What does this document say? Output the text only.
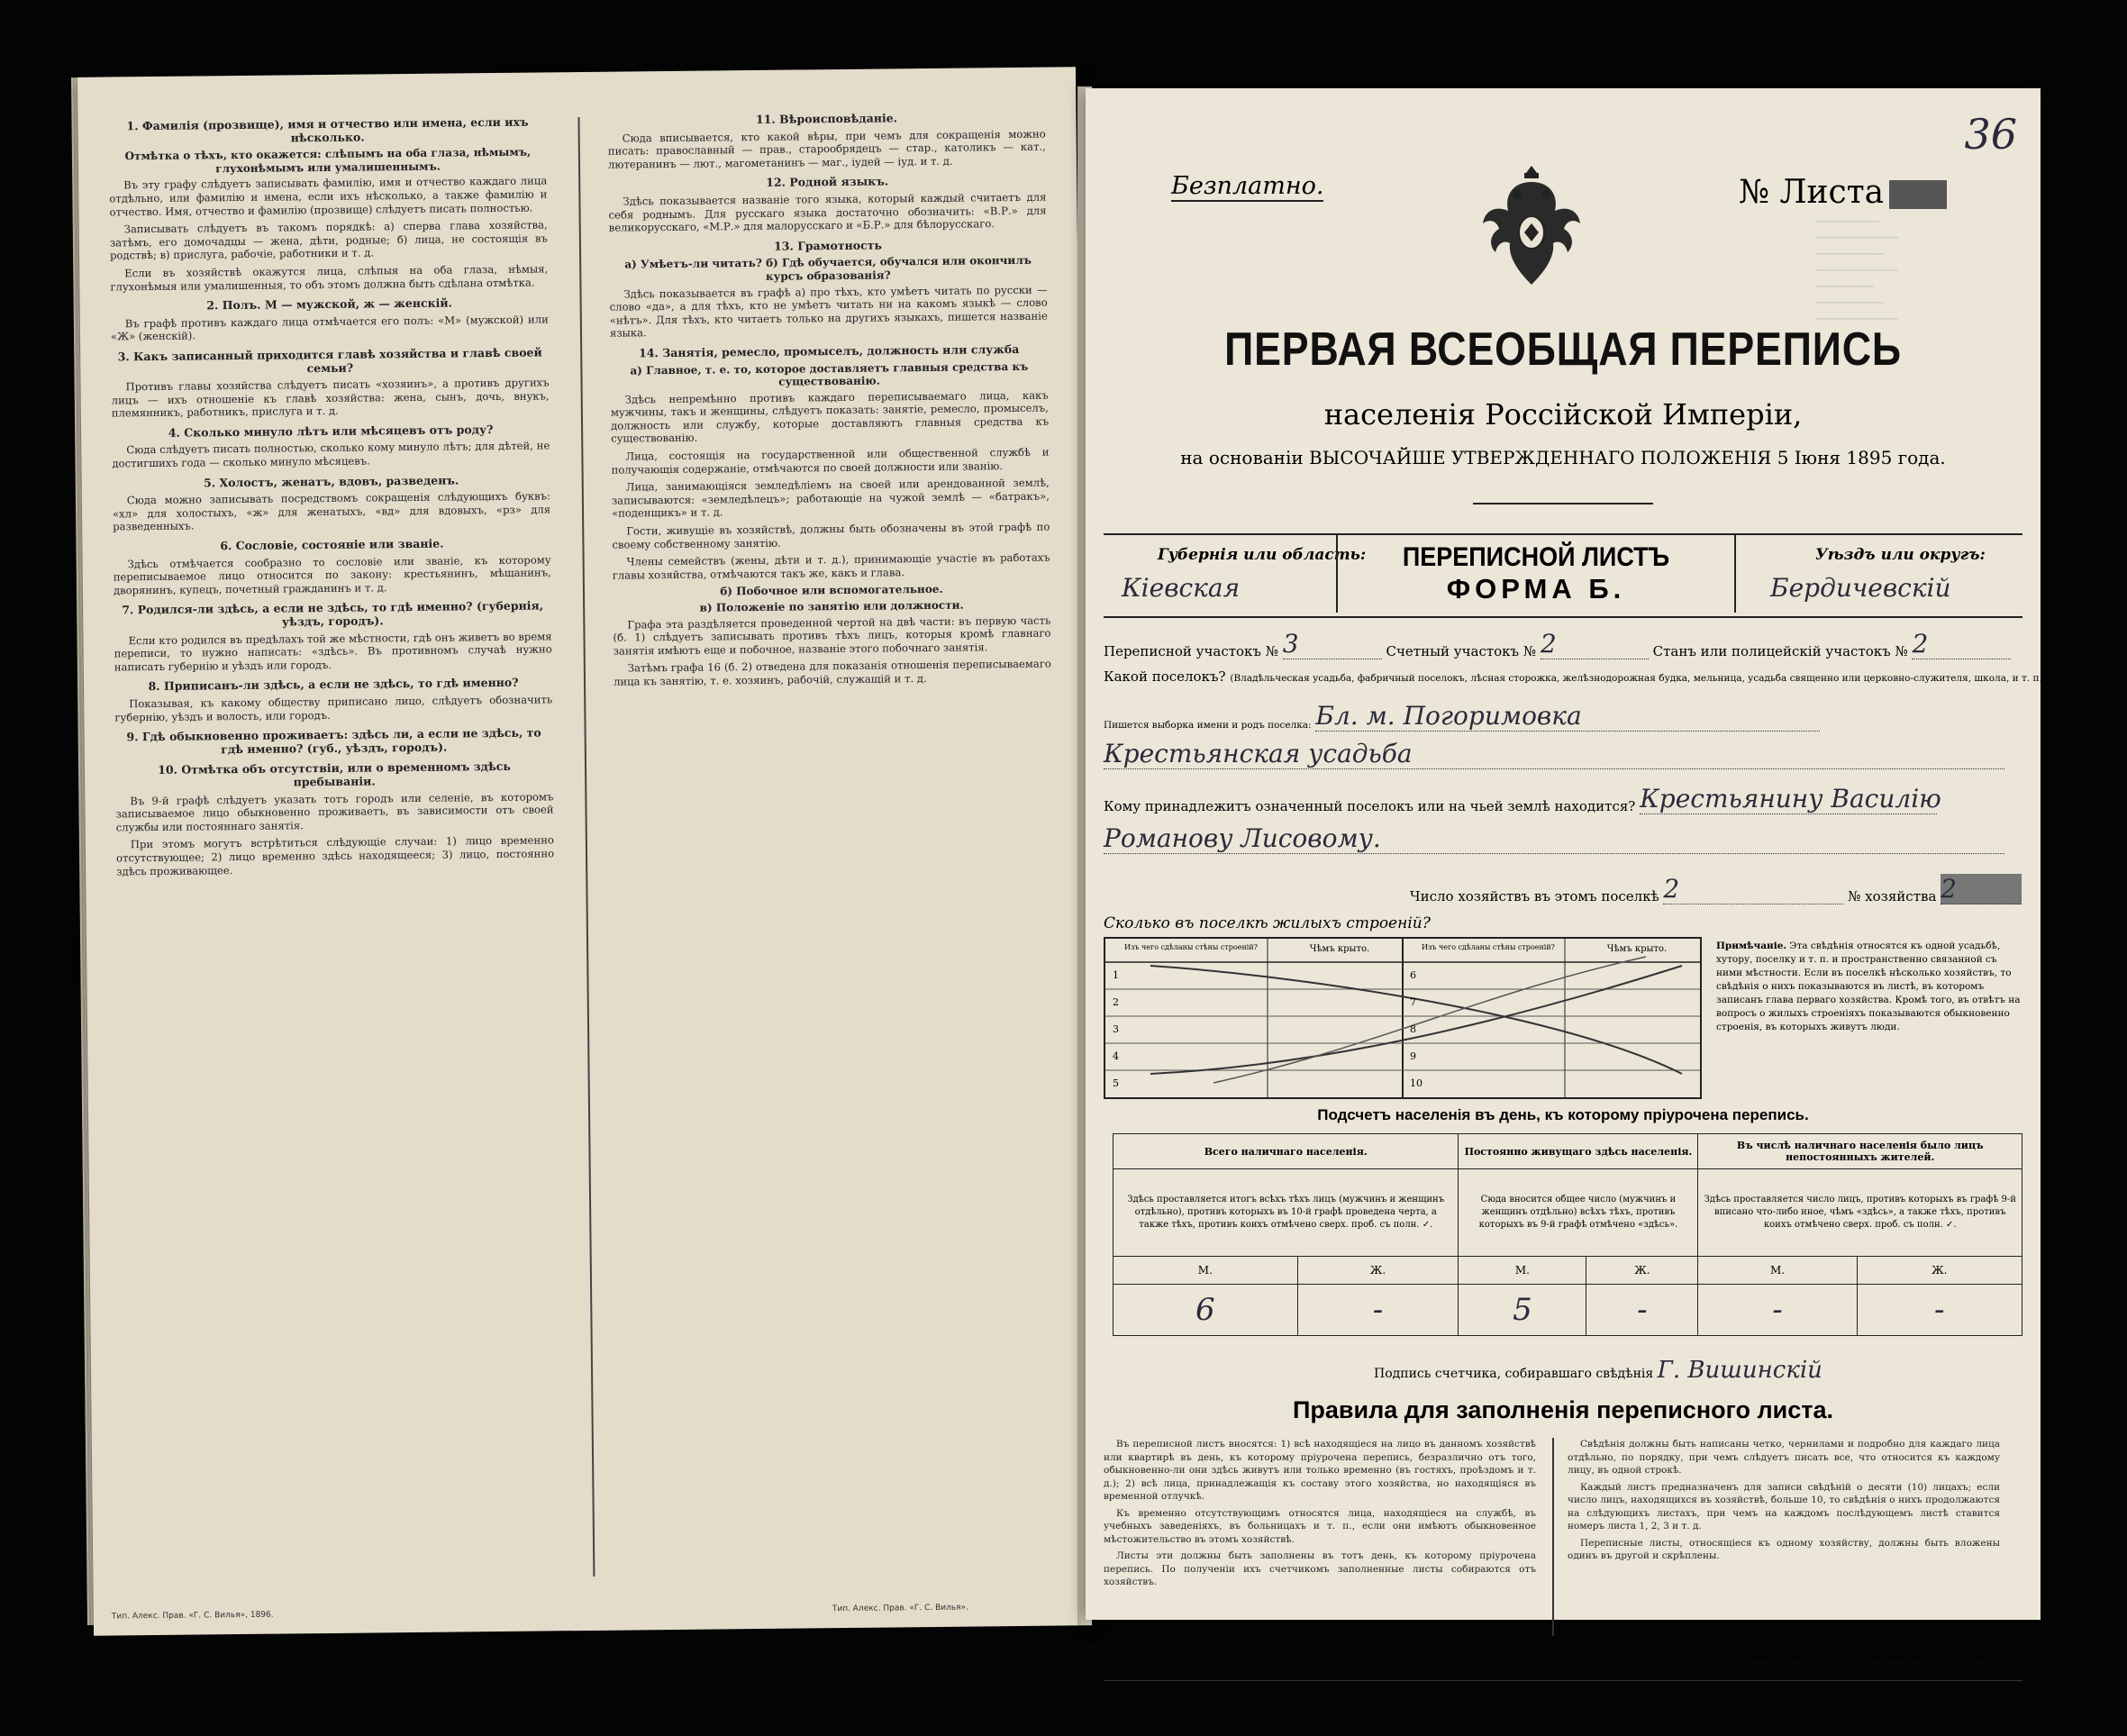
1. Фамилія (прозвище), имя и отчество или имена, если ихъ нѣсколько.
Отмѣтка о тѣхъ, кто окажется: слѣпымъ на оба глаза, нѣмымъ, глухонѣмымъ или умалишеннымъ.

Въ эту графу слѣдуетъ записывать фамилію, имя и отчество каждаго лица отдѣльно, или фамилію и имена, если ихъ нѣсколько, а также фамилію и отчество. Имя, отчество и фамилію (прозвище) слѣдуетъ писать полностью.

Записывать слѣдуетъ въ такомъ порядкѣ: а) сперва глава хозяйства, затѣмъ, его домочадцы — жена, дѣти, родные; б) лица, не состоящія въ родствѣ; в) прислуга, рабочіе, работники и т. д.

Если въ хозяйствѣ окажутся лица, слѣпыя на оба глаза, нѣмыя, глухонѣмыя или умалишенныя, то объ этомъ должна быть сдѣлана отмѣтка.

2. Полъ. М — мужской, ж — женскій.

Въ графѣ противъ каждаго лица отмѣчается его полъ: «М» (мужской) или «Ж» (женскій).

3. Какъ записанный приходится главѣ хозяйства и главѣ своей семьи?

Противъ главы хозяйства слѣдуетъ писать «хозяинъ», а противъ другихъ лицъ — ихъ отношеніе къ главѣ хозяйства: жена, сынъ, дочь, внукъ, племянникъ, работникъ, прислуга и т. д.

4. Сколько минуло лѣтъ или мѣсяцевъ отъ роду?

Сюда слѣдуетъ писать полностью, сколько кому минуло лѣтъ; для дѣтей, не достигшихъ года — сколько минуло мѣсяцевъ.

5. Холостъ, женатъ, вдовъ, разведенъ.

Сюда можно записывать посредствомъ сокращенія слѣдующихъ буквъ: «хл» для холостыхъ, «ж» для женатыхъ, «вд» для вдовыхъ, «рз» для разведенныхъ.

6. Сословіе, состояніе или званіе.

Здѣсь отмѣчается сообразно то сословіе или званіе, къ которому переписываемое лицо относится по закону: крестьянинъ, мѣщанинъ, дворянинъ, купецъ, почетный гражданинъ и т. д.

7. Родился-ли здѣсь, а если не здѣсь, то гдѣ именно? (губернія, уѣздъ, городъ).

Если кто родился въ предѣлахъ той же мѣстности, гдѣ онъ живетъ во время переписи, то нужно написать: «здѣсь». Въ противномъ случаѣ нужно написать губернію и уѣздъ или городъ.

8. Приписанъ-ли здѣсь, а если не здѣсь, то гдѣ именно?

Показывая, къ какому обществу приписано лицо, слѣдуетъ обозначить губернію, уѣздъ и волость, или городъ.

9. Гдѣ обыкновенно проживаетъ: здѣсь ли, а если не здѣсь, то гдѣ именно? (губ., уѣздъ, городъ).
10. Отмѣтка объ отсутствіи, или о временномъ здѣсь пребываніи.

Въ 9-й графѣ слѣдуетъ указать тотъ городъ или селеніе, въ которомъ записываемое лицо обыкновенно проживаетъ, въ зависимости отъ своей службы или постояннаго занятія.

При этомъ могутъ встрѣтиться слѣдующіе случаи: 1) лицо временно отсутствующее; 2) лицо временно здѣсь находящееся; 3) лицо, постоянно здѣсь проживающее.

11. Вѣроисповѣданіе.

Сюда вписывается, кто какой вѣры, при чемъ для сокращенія можно писать: православный — прав., старообрядецъ — стар., католикъ — кат., лютеранинъ — лют., магометанинъ — маг., іудей — іуд. и т. д.

12. Родной языкъ.

Здѣсь показывается названіе того языка, который каждый считаетъ для себя роднымъ. Для русскаго языка достаточно обозначить: «В.Р.» для великорусскаго, «М.Р.» для малорусскаго и «Б.Р.» для бѣлорусскаго.

13. Грамотность
а) Умѣетъ-ли читать? б) Гдѣ обучается, обучался или окончилъ курсъ образованія?

Здѣсь показывается въ графѣ а) про тѣхъ, кто умѣетъ читать по русски — слово «да», а для тѣхъ, кто не умѣетъ читать ни на какомъ языкѣ — слово «нѣтъ». Для тѣхъ, кто читаетъ только на другихъ языкахъ, пишется названіе языка.

14. Занятія, ремесло, промыселъ, должность или служба
а) Главное, т. е. то, которое доставляетъ главныя средства къ существованію.

Здѣсь непремѣнно противъ каждаго переписываемаго лица, какъ мужчины, такъ и женщины, слѣдуетъ показать: занятіе, ремесло, промыселъ, должность или службу, которые доставляютъ главныя средства къ существованію.

Лица, состоящія на государственной или общественной службѣ и получающія содержаніе, отмѣчаются по своей должности или званію.

Лица, занимающіяся земледѣліемъ на своей или арендованной землѣ, записываются: «земледѣлецъ»; работающіе на чужой землѣ — «батракъ», «поденщикъ» и т. д.

Гости, живущіе въ хозяйствѣ, должны быть обозначены въ этой графѣ по своему собственному занятію.

Члены семействъ (жены, дѣти и т. д.), принимающіе участіе въ работахъ главы хозяйства, отмѣчаются такъ же, какъ и глава.

б) Побочное или вспомогательное.
в) Положеніе по занятію или должности.

Графа эта раздѣляется проведенной чертой на двѣ части: въ первую часть (б. 1) слѣдуетъ записывать противъ тѣхъ лицъ, которыя кромѣ главнаго занятія имѣютъ еще и побочное, названіе этого побочнаго занятія.

Затѣмъ графа 16 (б. 2) отведена для показанія отношенія переписываемаго лица къ занятію, т. е. хозяинъ, рабочій, служащій и т. д.

Тип. Алекс. Прав. «Г. С. Вилья», 1896.
Тип. Алекс. Прав. «Г. С. Вилья».
36
─────────────
─────────────────
──────────────
─────────────────
────────────
──────────────
─────────────────
Безплатно.	№ Листа
ПЕРВАЯ ВСЕОБЩАЯ ПЕРЕПИСЬ
населенія Россійской Имперіи,
на основаніи ВЫСОЧАЙШЕ УТВЕРЖДЕННАГО ПОЛОЖЕНІЯ 5 Іюня 1895 года.
Губернія или область:
Кіевская
ПЕРЕПИСНОЙ ЛИСТЪ
ФОРМА Б.
Уѣздъ или округъ:
Бердичевскій
Переписной участокъ № 3	Счетный участокъ № 2	Станъ или полицейскій участокъ № 2
Какой поселокъ? (Владѣльческая усадьба, фабричный поселокъ, лѣсная сторожка, желѣзнодорожная будка, мельница, усадьба священно или церковно-служителя, школа, и т. п.)
Пишется выборка имени и родъ поселка: Бл. м. Погоримовка
Крестьянская усадьба
Кому принадлежитъ означенный поселокъ или на чьей землѣ находится? Крестьянину Василію
Романову Лисовому.
Число хозяйствъ въ этомъ поселкѣ 2	№ хозяйства 2
Сколько въ поселкѣ жилыхъ строеній?
Изъ чего сдѣланы стѣны строеній?	Чѣмъ крыто.	Изъ чего сдѣланы стѣны строеній?	Чѣмъ крыто.
1
2
3
4
5
6
7
8
9
10
Примѣчаніе. Эта свѣдѣнія относятся къ одной усадьбѣ, хутору, поселку и т. п. и пространственно связанной съ ними мѣстности. Если въ поселкѣ нѣсколько хозяйствъ, то свѣдѣнія о нихъ показываются въ листѣ, въ которомъ записанъ глава перваго хозяйства. Кромѣ того, въ отвѣтъ на вопросъ о жилыхъ строеніяхъ показываются обыкновенно строенія, въ которыхъ живутъ люди.
Подсчетъ населенія въ день, къ которому пріурочена перепись.
Всего наличнаго населенія.		Постоянно живущаго здѣсь населенія.		Въ числѣ наличнаго населенія было лицъ непостоянныхъ жителей.	
Здѣсь проставляется итогъ всѣхъ тѣхъ лицъ (мужчинъ и женщинъ отдѣльно), противъ которыхъ въ 10-й графѣ проведена черта, а также тѣхъ, противъ коихъ отмѣчено сверх. проб. съ полн. ✓.		Сюда вносится общее число (мужчинъ и женщинъ отдѣльно) всѣхъ тѣхъ, противъ которыхъ въ 9-й графѣ отмѣчено «здѣсь».		Здѣсь проставляется число лицъ, противъ которыхъ въ графѣ 9-й вписано что-либо иное, чѣмъ «здѣсь», а также тѣхъ, противъ коихъ отмѣчено сверх. проб. съ полн. ✓.	
М.	Ж.	М.	Ж.	М.	Ж.
6	-	5	-	-	-
Подпись счетчика, собиравшаго свѣдѣнія Г. Вишинскій
Правила для заполненія переписного листа.

Въ переписной листъ вносятся: 1) всѣ находящіеся на лицо въ данномъ хозяйствѣ или квартирѣ въ день, къ которому пріурочена перепись, безразлично отъ того, обыкновенно-ли они здѣсь живутъ или только временно (въ гостяхъ, проѣздомъ и т. д.); 2) всѣ лица, принадлежащія къ составу этого хозяйства, но находящіяся въ временной отлучкѣ.

Къ временно отсутствующимъ относятся лица, находящіеся на службѣ, въ учебныхъ заведеніяхъ, въ больницахъ и т. п., если они имѣютъ обыкновенное мѣстожительство въ этомъ хозяйствѣ.

Листы эти должны быть заполнены въ тотъ день, къ которому пріурочена перепись. По полученіи ихъ счетчикомъ заполненные листы собираются отъ хозяйствъ.

Свѣдѣнія должны быть написаны четко, чернилами и подробно для каждаго лица отдѣльно, по порядку, при чемъ слѣдуетъ писать все, что относится къ каждому лицу, въ одной строкѣ.

Каждый листъ предназначенъ для записи свѣдѣній о десяти (10) лицахъ; если число лицъ, находящихся въ хозяйствѣ, больше 10, то свѣдѣнія о нихъ продолжаются на слѣдующихъ листахъ, при чемъ на каждомъ послѣдующемъ листѣ ставится номеръ листа 1, 2, 3 и т. д.

Переписные листы, относящіеся къ одному хозяйству, должны быть вложены одинъ въ другой и скрѣплены.

(Продолженіе слѣдуетъ на четвертой страницѣ).
